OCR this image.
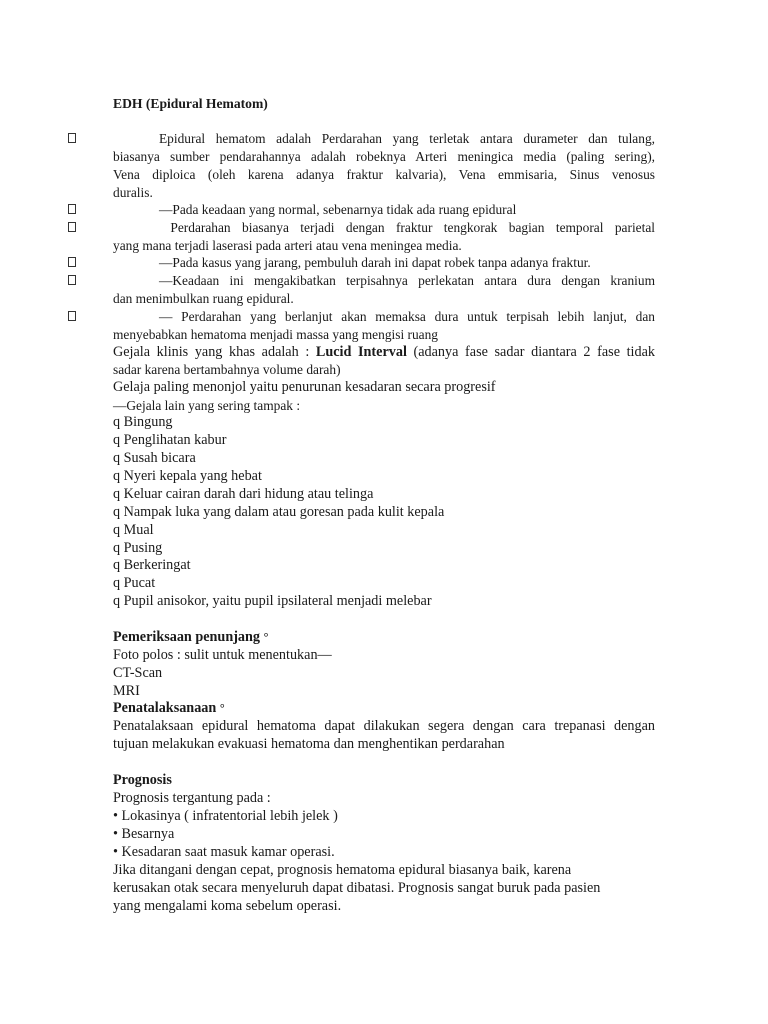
EDH (Epidural Hematom)
Epidural hematom adalah Perdarahan yang terletak antara durameter dan tulang,
biasanya sumber pendarahannya adalah robeknya Arteri meningica media (paling sering),
Vena diploica (oleh karena adanya fraktur kalvaria), Vena emmisaria, Sinus venosus
duralis.
—Pada keadaan yang normal, sebenarnya tidak ada ruang epidural
Perdarahan biasanya terjadi dengan fraktur tengkorak bagian temporal parietal
yang mana terjadi laserasi pada arteri atau vena meningea media.
—Pada kasus yang jarang, pembuluh darah ini dapat robek tanpa adanya fraktur.
—Keadaan ini mengakibatkan terpisahnya perlekatan antara dura dengan kranium
dan menimbulkan ruang epidural.
— Perdarahan yang berlanjut akan memaksa dura untuk terpisah lebih lanjut, dan
menyebabkan hematoma menjadi massa yang mengisi ruang
Gejala klinis yang khas adalah : Lucid Interval (adanya fase sadar diantara 2 fase tidak
sadar karena bertambahnya volume darah)
Gelaja paling menonjol yaitu penurunan kesadaran secara progresif
—Gejala lain yang sering tampak :
q Bingung
q Penglihatan kabur
q Susah bicara
q Nyeri kepala yang hebat
q Keluar cairan darah dari hidung atau telinga
q Nampak luka yang dalam atau goresan pada kulit kepala
q Mual
q Pusing
q Berkeringat
q Pucat
q Pupil anisokor, yaitu pupil ipsilateral menjadi melebar
Pemeriksaan penunjang °
Foto polos : sulit untuk menentukan—
CT-Scan
MRI
Penatalaksanaan °
Penatalaksaan epidural hematoma dapat dilakukan segera dengan cara trepanasi dengan
tujuan melakukan evakuasi hematoma dan menghentikan perdarahan
Prognosis
Prognosis tergantung pada :
• Lokasinya ( infratentorial lebih jelek )
• Besarnya
• Kesadaran saat masuk kamar operasi.
Jika ditangani dengan cepat, prognosis hematoma epidural biasanya baik, karena
kerusakan otak secara menyeluruh dapat dibatasi. Prognosis sangat buruk pada pasien
yang mengalami koma sebelum operasi.
